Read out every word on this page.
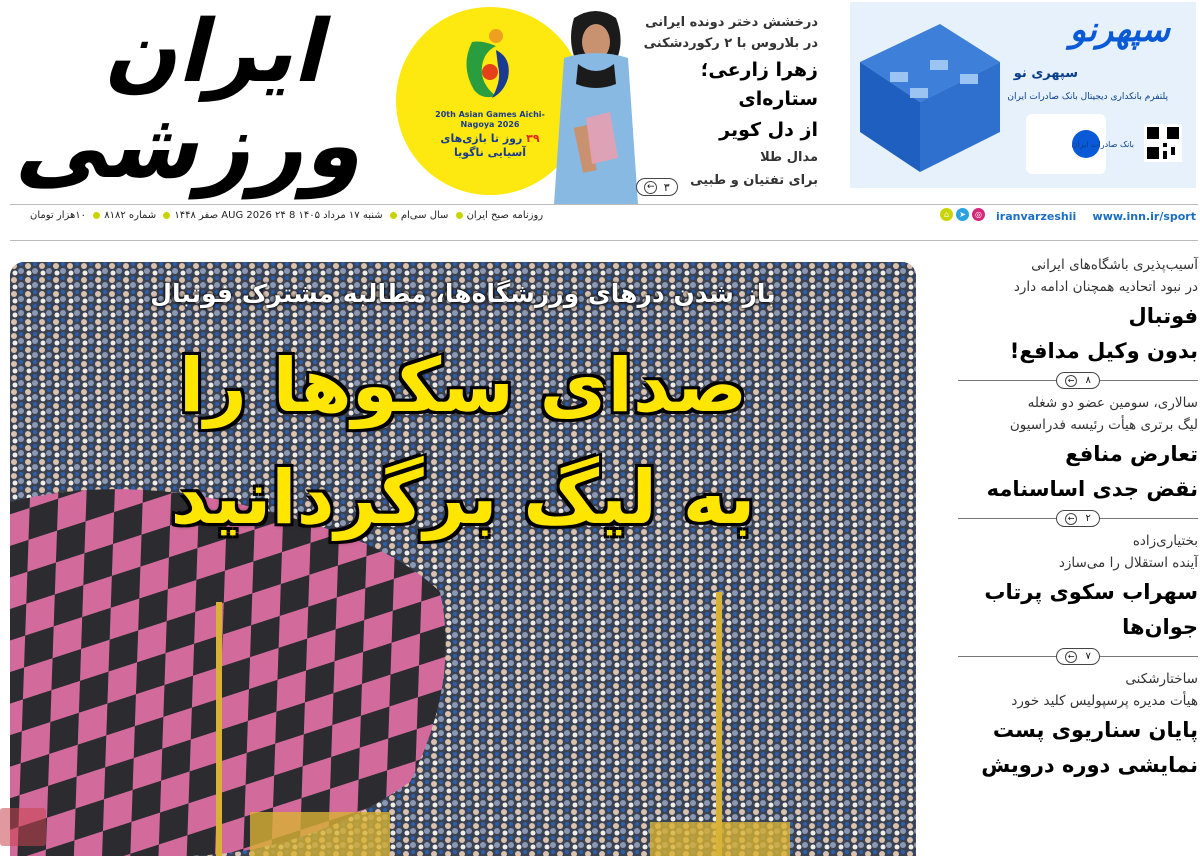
ایران
ورزشی	20th Asian Games Aichi-Nagoya 2026
۳۹ روز تا بازی‌های آسیایی ناگویا
درخشش دختر دونده ایرانی
در بلاروس با ۲ رکوردشکنی
زهرا زارعی؛ ستاره‌ای
از دل کویر
مدال طلا
برای تفتیان و طبیی
← ۳
سپهرنو
سپهری نو
پلتفرم بانکداری دیجیتال بانک صادرات ایران
بانک صادرات ایران
روزنامه صبح ایران سال سی‌ام شنبه ۱۷ مرداد ۱۴۰۵ 8 AUG 2026 ۲۴ صفر ۱۴۴۸ شماره ۸۱۸۲ ۱۰هزار تومان	www.inn.ir/sport
iranvarzeshii
⌂	➤	◎
باز شدن درهای ورزشگاه‌ها، مطالبه مشترک فوتبال
صدای سکوها را
به لیگ برگردانید
آسیب‌پذیری باشگاه‌های ایرانی
در نبود اتحادیه همچنان ادامه دارد
فوتبال
بدون وکیل مدافع!
← ۸
سالاری، سومین عضو دو شغله
لیگ برتری هیأت رئیسه فدراسیون
تعارض منافع
نقض جدی اساسنامه
← ۲
بختیاری‌زاده
آینده استقلال را می‌سازد
سهراب سکوی پرتاب
جوان‌ها
← ۷
ساختارشکنی
هیأت مدیره پرسپولیس کلید خورد
پایان سناریوی پست
نمایشی دوره درویش
